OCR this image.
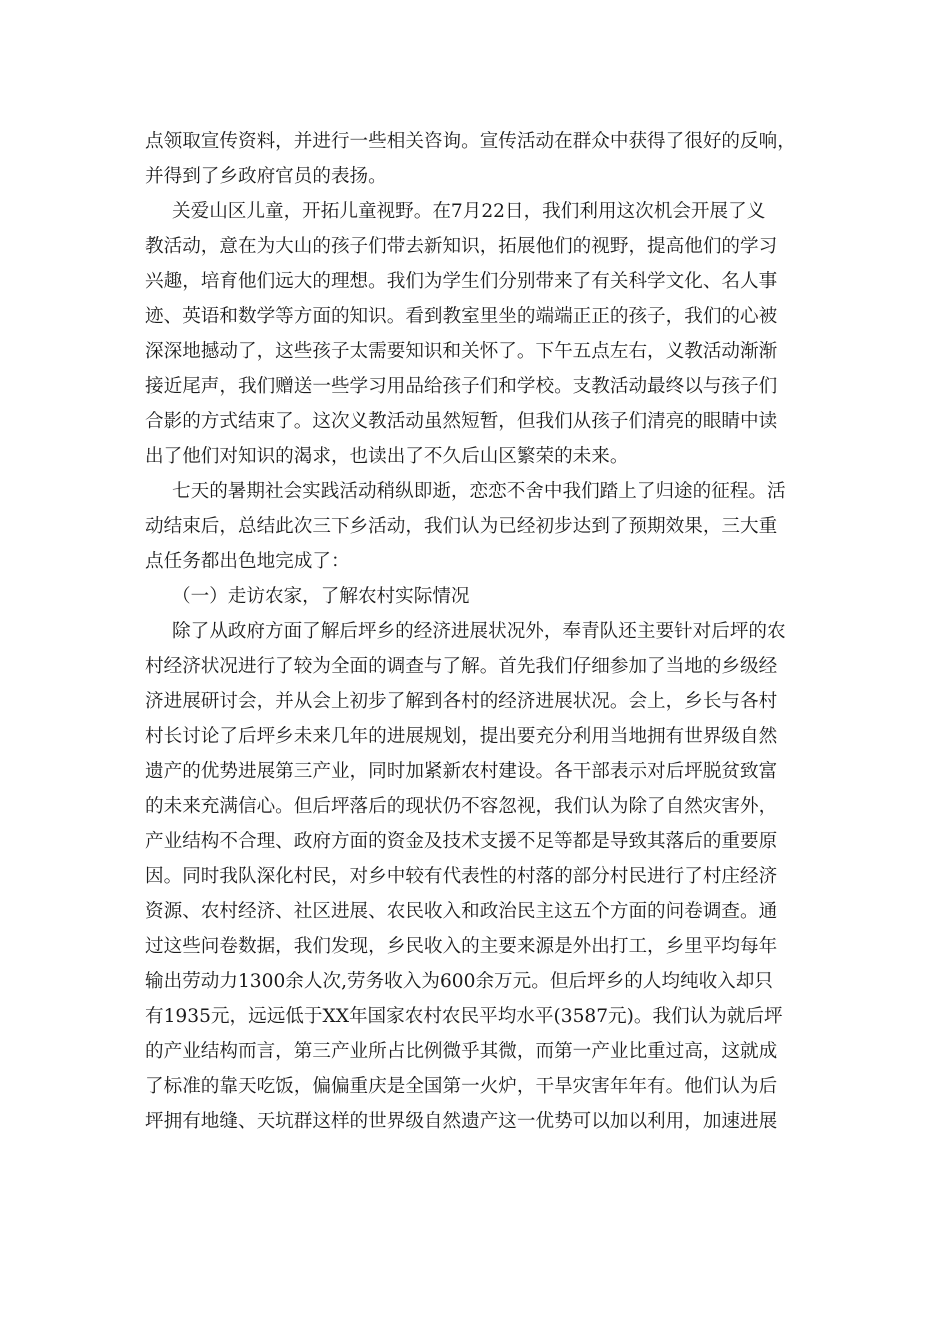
点领取宣传资料，并进行一些相关咨询。宣传活动在群众中获得了很好的反响，
并得到了乡政府官员的表扬。
关爱山区儿童，开拓儿童视野。在7月22日，我们利用这次机会开展了义
教活动，意在为大山的孩子们带去新知识，拓展他们的视野，提高他们的学习
兴趣，培育他们远大的理想。我们为学生们分别带来了有关科学文化、名人事
迹、英语和数学等方面的知识。看到教室里坐的端端正正的孩子，我们的心被
深深地撼动了，这些孩子太需要知识和关怀了。下午五点左右，义教活动渐渐
接近尾声，我们赠送一些学习用品给孩子们和学校。支教活动最终以与孩子们
合影的方式结束了。这次义教活动虽然短暂，但我们从孩子们清亮的眼睛中读
出了他们对知识的渴求，也读出了不久后山区繁荣的未来。
七天的暑期社会实践活动稍纵即逝，恋恋不舍中我们踏上了归途的征程。活
动结束后，总结此次三下乡活动，我们认为已经初步达到了预期效果，三大重
点任务都出色地完成了：
（一）走访农家，了解农村实际情况
除了从政府方面了解后坪乡的经济进展状况外，奉青队还主要针对后坪的农
村经济状况进行了较为全面的调查与了解。首先我们仔细参加了当地的乡级经
济进展研讨会，并从会上初步了解到各村的经济进展状况。会上，乡长与各村
村长讨论了后坪乡未来几年的进展规划，提出要充分利用当地拥有世界级自然
遗产的优势进展第三产业，同时加紧新农村建设。各干部表示对后坪脱贫致富
的未来充满信心。但后坪落后的现状仍不容忽视，我们认为除了自然灾害外，
产业结构不合理、政府方面的资金及技术支援不足等都是导致其落后的重要原
因。同时我队深化村民，对乡中较有代表性的村落的部分村民进行了村庄经济
资源、农村经济、社区进展、农民收入和政治民主这五个方面的问卷调查。通
过这些问卷数据，我们发现，乡民收入的主要来源是外出打工，乡里平均每年
输出劳动力1300余人次,劳务收入为600余万元。但后坪乡的人均纯收入却只
有1935元，远远低于XX年国家农村农民平均水平(3587元)。我们认为就后坪
的产业结构而言，第三产业所占比例微乎其微，而第一产业比重过高，这就成
了标准的靠天吃饭，偏偏重庆是全国第一火炉，干旱灾害年年有。他们认为后
坪拥有地缝、天坑群这样的世界级自然遗产这一优势可以加以利用，加速进展
